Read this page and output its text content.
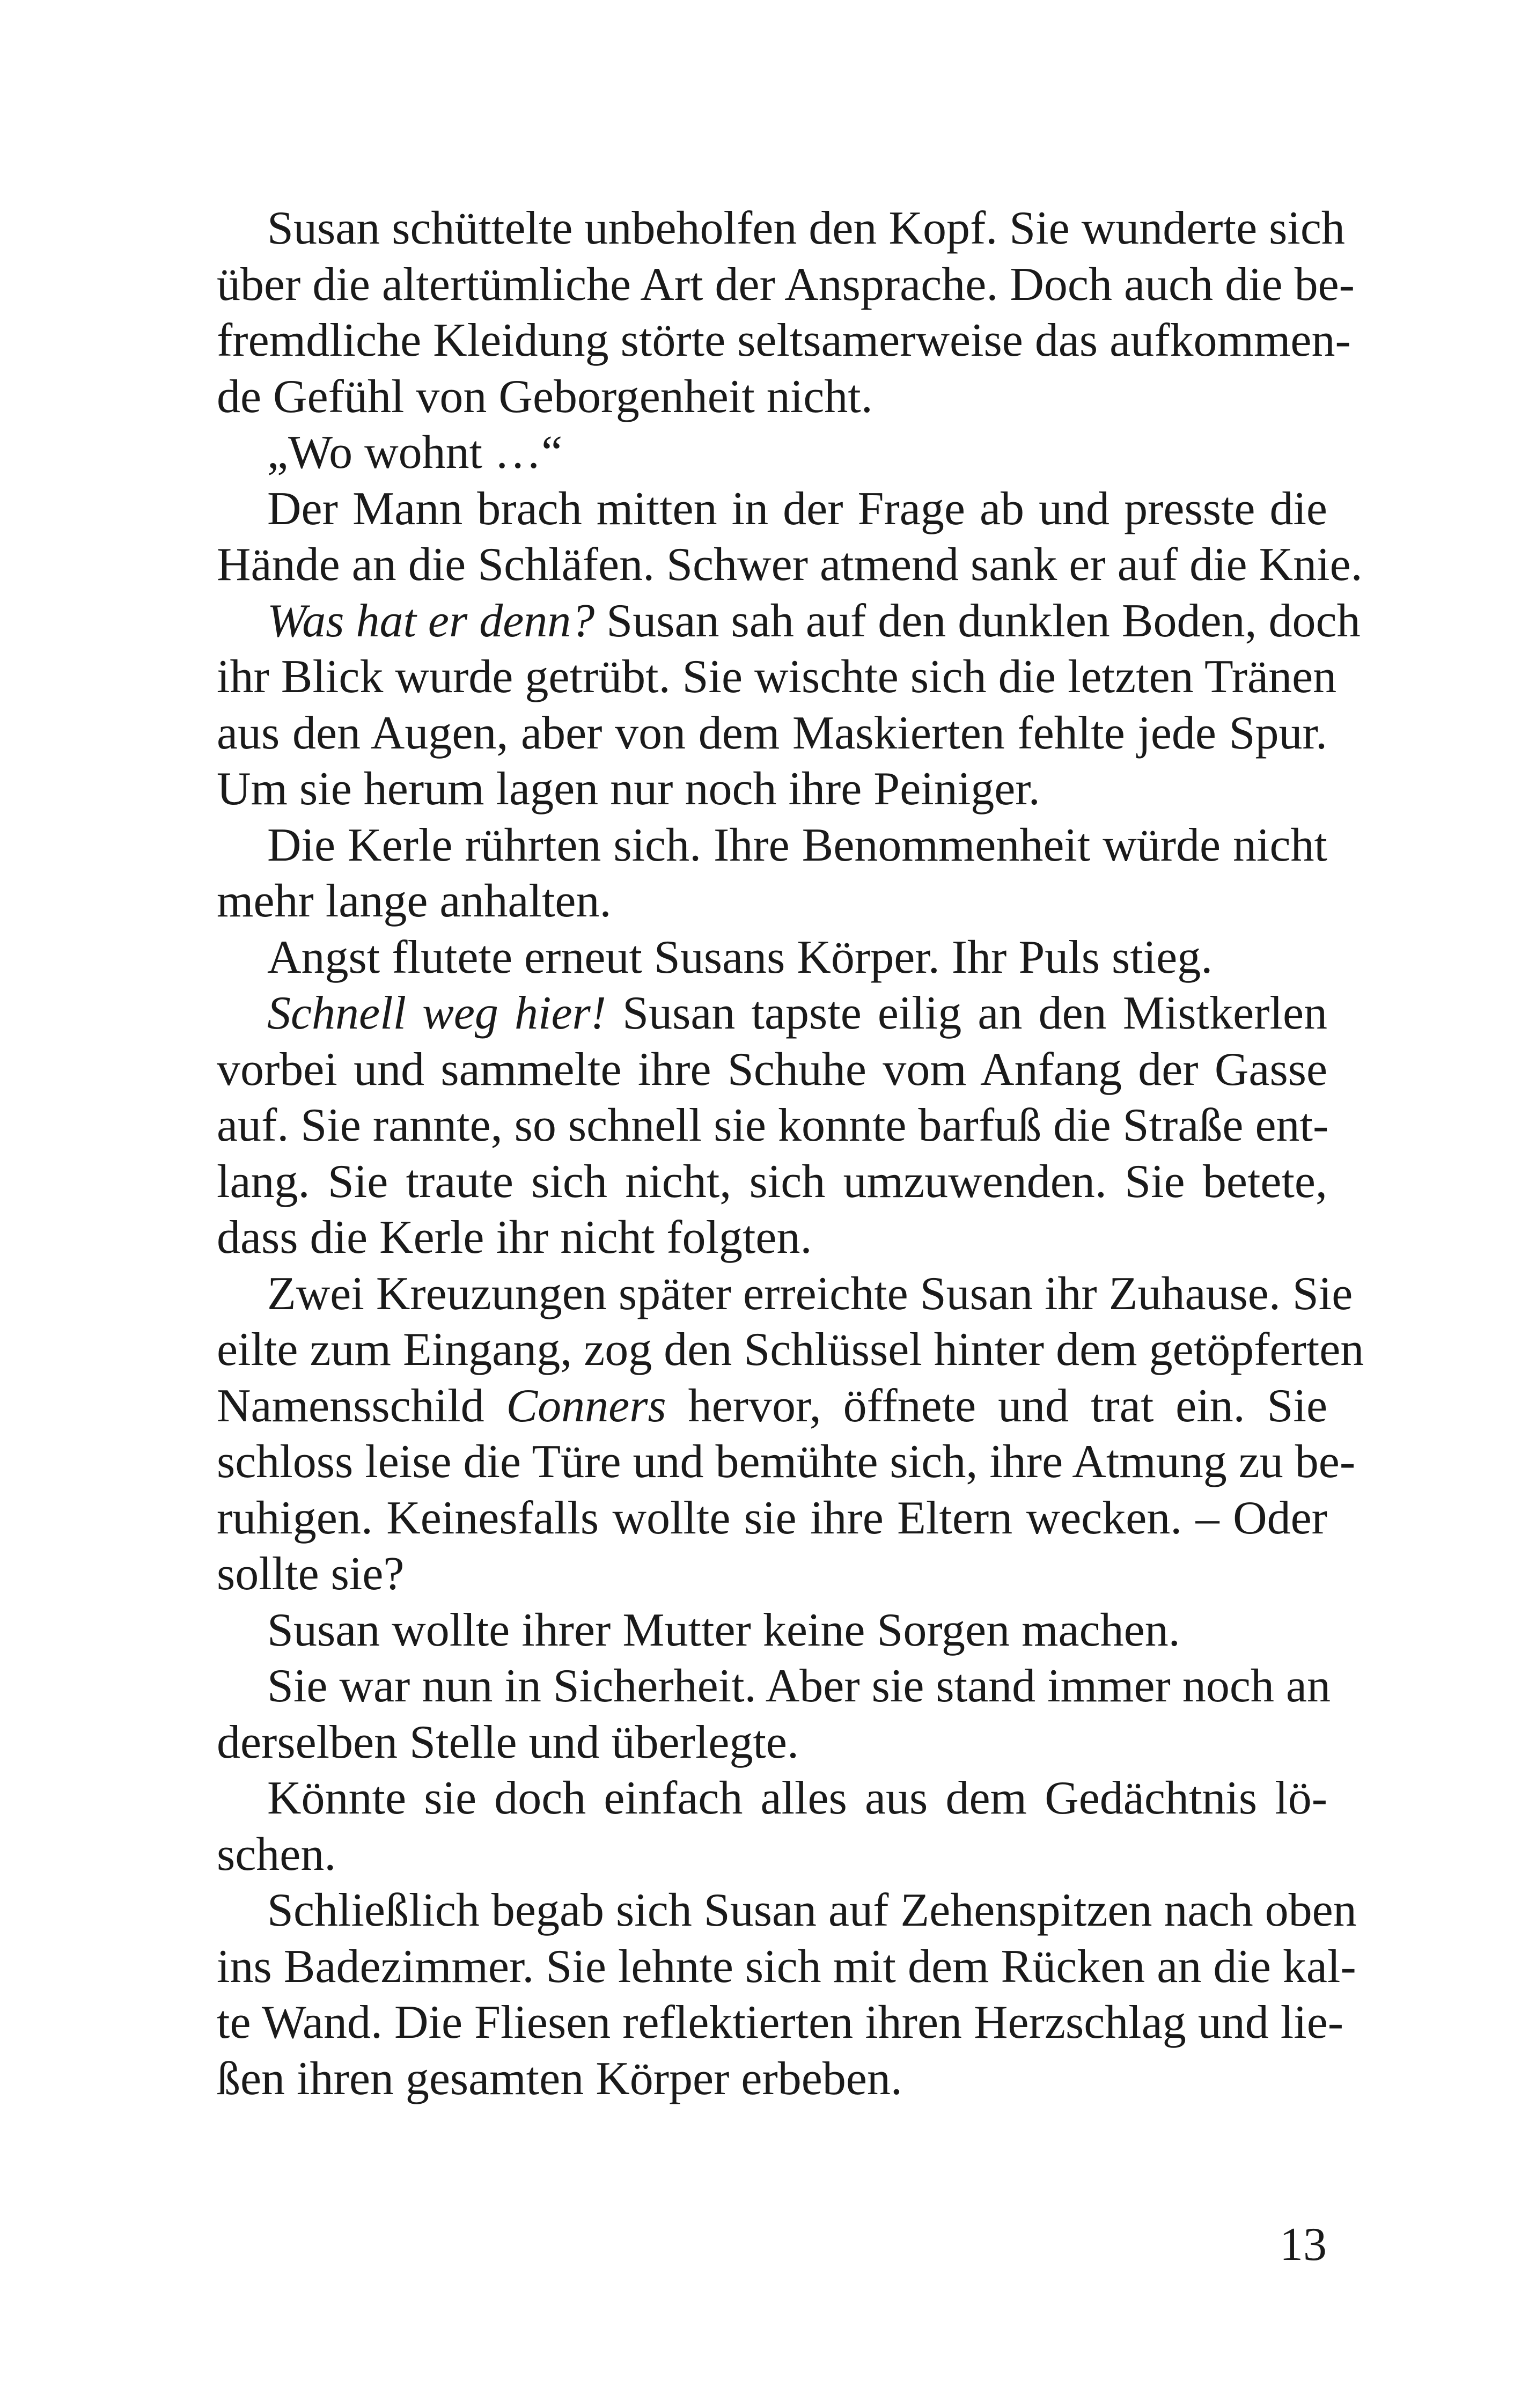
Susan schüttelte unbeholfen den Kopf. Sie wunderte sich
über die altertümliche Art der Ansprache. Doch auch die be-
fremdliche Kleidung störte seltsamerweise das aufkommen-
de Gefühl von Geborgenheit nicht.
„Wo wohnt …“
Der Mann brach mitten in der Frage ab und presste die
Hände an die Schläfen. Schwer atmend sank er auf die Knie.
Was hat er denn? Susan sah auf den dunklen Boden, doch
ihr Blick wurde getrübt. Sie wischte sich die letzten Tränen
aus den Augen, aber von dem Maskierten fehlte jede Spur.
Um sie herum lagen nur noch ihre Peiniger.
Die Kerle rührten sich. Ihre Benommenheit würde nicht
mehr lange anhalten.
Angst flutete erneut Susans Körper. Ihr Puls stieg.
Schnell weg hier! Susan tapste eilig an den Mistkerlen
vorbei und sammelte ihre Schuhe vom Anfang der Gasse
auf. Sie rannte, so schnell sie konnte barfuß die Straße ent-
lang. Sie traute sich nicht, sich umzuwenden. Sie betete,
dass die Kerle ihr nicht folgten.
Zwei Kreuzungen später erreichte Susan ihr Zuhause. Sie
eilte zum Eingang, zog den Schlüssel hinter dem getöpferten
Namensschild Conners hervor, öffnete und trat ein. Sie
schloss leise die Türe und bemühte sich, ihre Atmung zu be-
ruhigen. Keinesfalls wollte sie ihre Eltern wecken. – Oder
sollte sie?
Susan wollte ihrer Mutter keine Sorgen machen.
Sie war nun in Sicherheit. Aber sie stand immer noch an
derselben Stelle und überlegte.
Könnte sie doch einfach alles aus dem Gedächtnis lö-
schen.
Schließlich begab sich Susan auf Zehenspitzen nach oben
ins Badezimmer. Sie lehnte sich mit dem Rücken an die kal-
te Wand. Die Fliesen reflektierten ihren Herzschlag und lie-
ßen ihren gesamten Körper erbeben.
13
